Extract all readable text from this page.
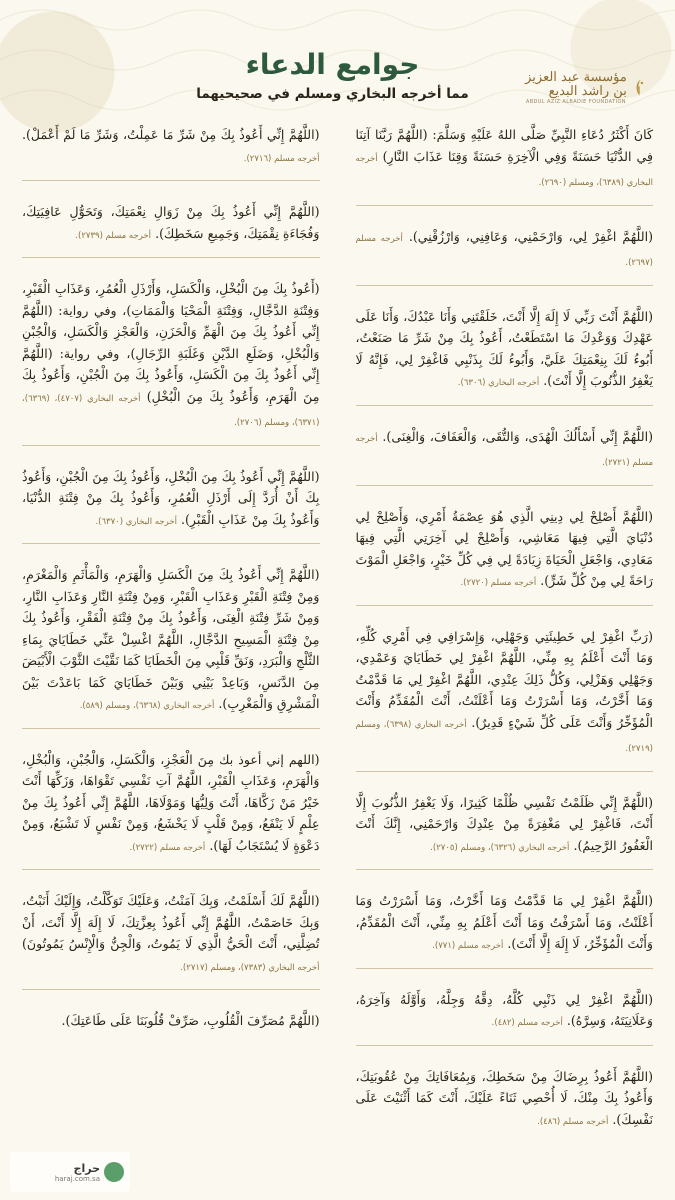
مؤسسة عبد العزيز بن راشد البديع
ABDUL AZIZ ALBADIE FOUNDATION
جوامع الدعاء
مما أخرجه البخاري ومسلم في صحيحيهما
كَانَ أَكْثَرُ دُعَاءِ النَّبِيِّ صَلَّى اللهُ عَلَيْهِ وَسَلَّمَ: (اللَّهُمَّ رَبَّنَا آتِنَا فِي الدُّنْيَا حَسَنَةً وَفِي الْآخِرَةِ حَسَنَةً وَقِنَا عَذَابَ النَّارِ) أخرجه البخاري (٦٣٨٩)، ومسلم (٢٦٩٠).
(اللَّهُمَّ اغْفِرْ لِي، وَارْحَمْنِي، وَعَافِنِي، وَارْزُقْنِي). أخرجه مسلم (٢٦٩٧).
(اللَّهُمَّ أَنْتَ رَبِّي لَا إِلَهَ إِلَّا أَنْتَ، خَلَقْتَنِي وَأَنَا عَبْدُكَ، وَأَنَا عَلَى عَهْدِكَ وَوَعْدِكَ مَا اسْتَطَعْتُ، أَعُوذُ بِكَ مِنْ شَرِّ مَا صَنَعْتُ، أَبُوءُ لَكَ بِنِعْمَتِكَ عَلَيَّ، وَأَبُوءُ لَكَ بِذَنْبِي فَاغْفِرْ لِي، فَإِنَّهُ لَا يَغْفِرُ الذُّنُوبَ إِلَّا أَنْتَ). أخرجه البخاري (٦٣٠٦).
(اللَّهُمَّ إِنِّي أَسْأَلُكَ الْهُدَى، وَالتُّقَى، وَالْعَفَافَ، وَالْغِنَى). أخرجه مسلم (٢٧٢١).
(اللَّهُمَّ أَصْلِحْ لِي دِينِي الَّذِي هُوَ عِصْمَةُ أَمْرِي، وَأَصْلِحْ لِي دُنْيَايَ الَّتِي فِيهَا مَعَاشِي، وَأَصْلِحْ لِي آخِرَتِي الَّتِي فِيهَا مَعَادِي، وَاجْعَلِ الْحَيَاةَ زِيَادَةً لِي فِي كُلِّ خَيْرٍ، وَاجْعَلِ الْمَوْتَ رَاحَةً لِي مِنْ كُلِّ شَرٍّ). أخرجه مسلم (٢٧٢٠).
(رَبِّ اغْفِرْ لِي خَطِيئَتِي وَجَهْلِي، وَإِسْرَافِي فِي أَمْرِي كُلِّهِ، وَمَا أَنْتَ أَعْلَمُ بِهِ مِنِّي، اللَّهُمَّ اغْفِرْ لِي خَطَايَايَ وَعَمْدِي، وَجَهْلِي وَهَزْلِي، وَكُلُّ ذَلِكَ عِنْدِي، اللَّهُمَّ اغْفِرْ لِي مَا قَدَّمْتُ وَمَا أَخَّرْتُ، وَمَا أَسْرَرْتُ وَمَا أَعْلَنْتُ، أَنْتَ الْمُقَدِّمُ وَأَنْتَ الْمُؤَخِّرُ وَأَنْتَ عَلَى كُلِّ شَيْءٍ قَدِيرٌ). أخرجه البخاري (٦٣٩٨)، ومسلم (٢٧١٩).
(اللَّهُمَّ إِنِّي ظَلَمْتُ نَفْسِي ظُلْمًا كَثِيرًا، وَلَا يَغْفِرُ الذُّنُوبَ إِلَّا أَنْتَ، فَاغْفِرْ لِي مَغْفِرَةً مِنْ عِنْدِكَ وَارْحَمْنِي، إِنَّكَ أَنْتَ الْغَفُورُ الرَّحِيمُ). أخرجه البخاري (٦٣٢٦)، ومسلم (٢٧٠٥).
(اللَّهُمَّ اغْفِرْ لِي مَا قَدَّمْتُ وَمَا أَخَّرْتُ، وَمَا أَسْرَرْتُ وَمَا أَعْلَنْتُ، وَمَا أَسْرَفْتُ وَمَا أَنْتَ أَعْلَمُ بِهِ مِنِّي، أَنْتَ الْمُقَدِّمُ، وَأَنْتَ الْمُؤَخِّرُ، لَا إِلَهَ إِلَّا أَنْتَ). أخرجه مسلم (٧٧١).
(اللَّهُمَّ اغْفِرْ لِي ذَنْبِي كُلَّهُ، دِقَّهُ وَجِلَّهُ، وَأَوَّلَهُ وَآخِرَهُ، وَعَلَانِيَتَهُ، وَسِرَّهُ). أخرجه مسلم (٤٨٢).
(اللَّهُمَّ أَعُوذُ بِرِضَاكَ مِنْ سَخَطِكَ، وَبِمُعَافَاتِكَ مِنْ عُقُوبَتِكَ، وَأَعُوذُ بِكَ مِنْكَ، لَا أُحْصِي ثَنَاءً عَلَيْكَ، أَنْتَ كَمَا أَثْنَيْتَ عَلَى نَفْسِكَ). أخرجه مسلم (٤٨٦).
(اللَّهُمَّ إِنِّي أَعُوذُ بِكَ مِنْ شَرِّ مَا عَمِلْتُ، وَشَرِّ مَا لَمْ أَعْمَلْ). أخرجه مسلم (٢٧١٦).
(اللَّهُمَّ إِنِّي أَعُوذُ بِكَ مِنْ زَوَالِ نِعْمَتِكَ، وَتَحَوُّلِ عَافِيَتِكَ، وَفُجَاءَةِ نِقْمَتِكَ، وَجَمِيعِ سَخَطِكَ). أخرجه مسلم (٢٧٣٩).
(أَعُوذُ بِكَ مِنَ الْبُخْلِ، وَالْكَسَلِ، وَأَرْذَلِ الْعُمُرِ، وَعَذَابِ الْقَبْرِ، وَفِتْنَةِ الدَّجَّالِ، وَفِتْنَةِ الْمَحْيَا وَالْمَمَاتِ)، وفي رواية: (اللَّهُمَّ إِنِّي أَعُوذُ بِكَ مِنَ الْهَمِّ وَالْحَزَنِ، وَالْعَجْزِ وَالْكَسَلِ، وَالْجُبْنِ وَالْبُخْلِ، وَضَلَعِ الدَّيْنِ وَغَلَبَةِ الرِّجَالِ)، وفي رواية: (اللَّهُمَّ إِنِّي أَعُوذُ بِكَ مِنَ الْكَسَلِ، وَأَعُوذُ بِكَ مِنَ الْجُبْنِ، وَأَعُوذُ بِكَ مِنَ الْهَرَمِ، وَأَعُوذُ بِكَ مِنَ الْبُخْلِ) أخرجه البخاري (٤٧٠٧)، (٦٣٦٩)، (٦٣٧١)، ومسلم (٢٧٠٦).
(اللَّهُمَّ إِنِّي أَعُوذُ بِكَ مِنَ الْبُخْلِ، وَأَعُوذُ بِكَ مِنَ الْجُبْنِ، وَأَعُوذُ بِكَ أَنْ أُرَدَّ إِلَى أَرْذَلِ الْعُمُرِ، وَأَعُوذُ بِكَ مِنْ فِتْنَةِ الدُّنْيَا، وَأَعُوذُ بِكَ مِنْ عَذَابِ الْقَبْرِ). أخرجه البخاري (٦٣٧٠).
(اللَّهُمَّ إِنِّي أَعُوذُ بِكَ مِنَ الْكَسَلِ وَالْهَرَمِ، وَالْمَأْثَمِ وَالْمَغْرَمِ، وَمِنْ فِتْنَةِ الْقَبْرِ وَعَذَابِ الْقَبْرِ، وَمِنْ فِتْنَةِ النَّارِ وَعَذَابِ النَّارِ، وَمِنْ شَرِّ فِتْنَةِ الْغِنَى، وَأَعُوذُ بِكَ مِنْ فِتْنَةِ الْفَقْرِ، وَأَعُوذُ بِكَ مِنْ فِتْنَةِ الْمَسِيحِ الدَّجَّالِ، اللَّهُمَّ اغْسِلْ عَنِّي خَطَايَايَ بِمَاءِ الثَّلْجِ وَالْبَرَدِ، وَنَقِّ قَلْبِي مِنَ الْخَطَايَا كَمَا نَقَّيْتَ الثَّوْبَ الْأَبْيَضَ مِنَ الدَّنَسِ، وَبَاعِدْ بَيْنِي وَبَيْنَ خَطَايَايَ كَمَا بَاعَدْتَ بَيْنَ الْمَشْرِقِ وَالْمَغْرِبِ). أخرجه البخاري (٦٣٦٨)، ومسلم (٥٨٩).
(اللهم إني أعوذ بك مِنَ الْعَجْزِ، وَالْكَسَلِ، وَالْجُبْنِ، وَالْبُخْلِ، وَالْهَرَمِ، وَعَذَابِ الْقَبْرِ، اللَّهُمَّ آتِ نَفْسِي تَقْوَاهَا، وَزَكِّهَا أَنْتَ خَيْرُ مَنْ زَكَّاهَا، أَنْتَ وَلِيُّهَا وَمَوْلَاهَا، اللَّهُمَّ إِنِّي أَعُوذُ بِكَ مِنْ عِلْمٍ لَا يَنْفَعُ، وَمِنْ قَلْبٍ لَا يَخْشَعُ، وَمِنْ نَفْسٍ لَا تَشْبَعُ، وَمِنْ دَعْوَةٍ لَا يُسْتَجَابُ لَهَا). أخرجه مسلم (٢٧٢٢).
(اللَّهُمَّ لَكَ أَسْلَمْتُ، وَبِكَ آمَنْتُ، وَعَلَيْكَ تَوَكَّلْتُ، وَإِلَيْكَ أَنَبْتُ، وَبِكَ خَاصَمْتُ، اللَّهُمَّ إِنِّي أَعُوذُ بِعِزَّتِكَ، لَا إِلَهَ إِلَّا أَنْتَ، أَنْ تُضِلَّنِي، أَنْتَ الْحَيُّ الَّذِي لَا يَمُوتُ، وَالْجِنُّ وَالْإِنْسُ يَمُوتُونَ) أخرجه البخاري (٧٣٨٣)، ومسلم (٢٧١٧).
(اللَّهُمَّ مُصَرِّفَ الْقُلُوبِ، صَرِّفْ قُلُوبَنَا عَلَى طَاعَتِكَ).
حراج
haraj.com.sa
